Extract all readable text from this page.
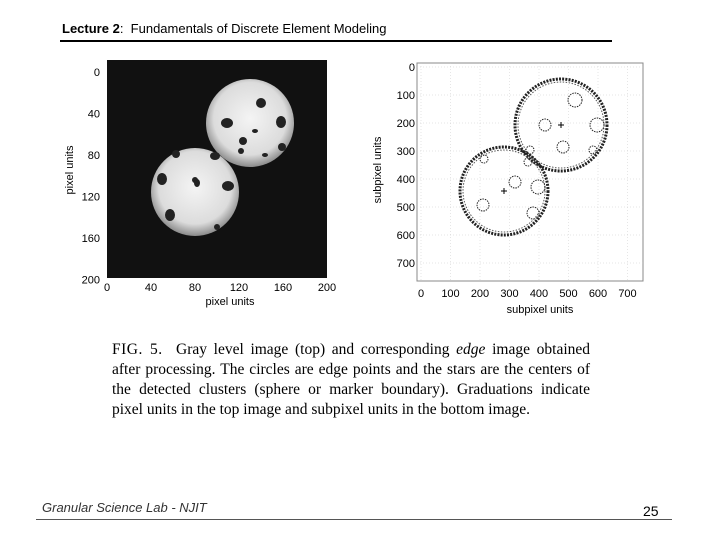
Lecture 2: Fundamentals of Discrete Element Modeling
0
40
80
120
160
200
0	40	80	120 160 200
pixel units
pixel units
0
100
200
300
400
500
600
700
0 100 200 300 400 500 600 700
subpixel units
subpixel units
FIG. 5. Gray level image (top) and corresponding edge image obtained after processing. The circles are edge points and the stars are the centers of the detected clusters (sphere or marker boundary). Graduations indicate pixel units in the top image and subpixel units in the bottom image.
Granular Science Lab - NJIT	25
